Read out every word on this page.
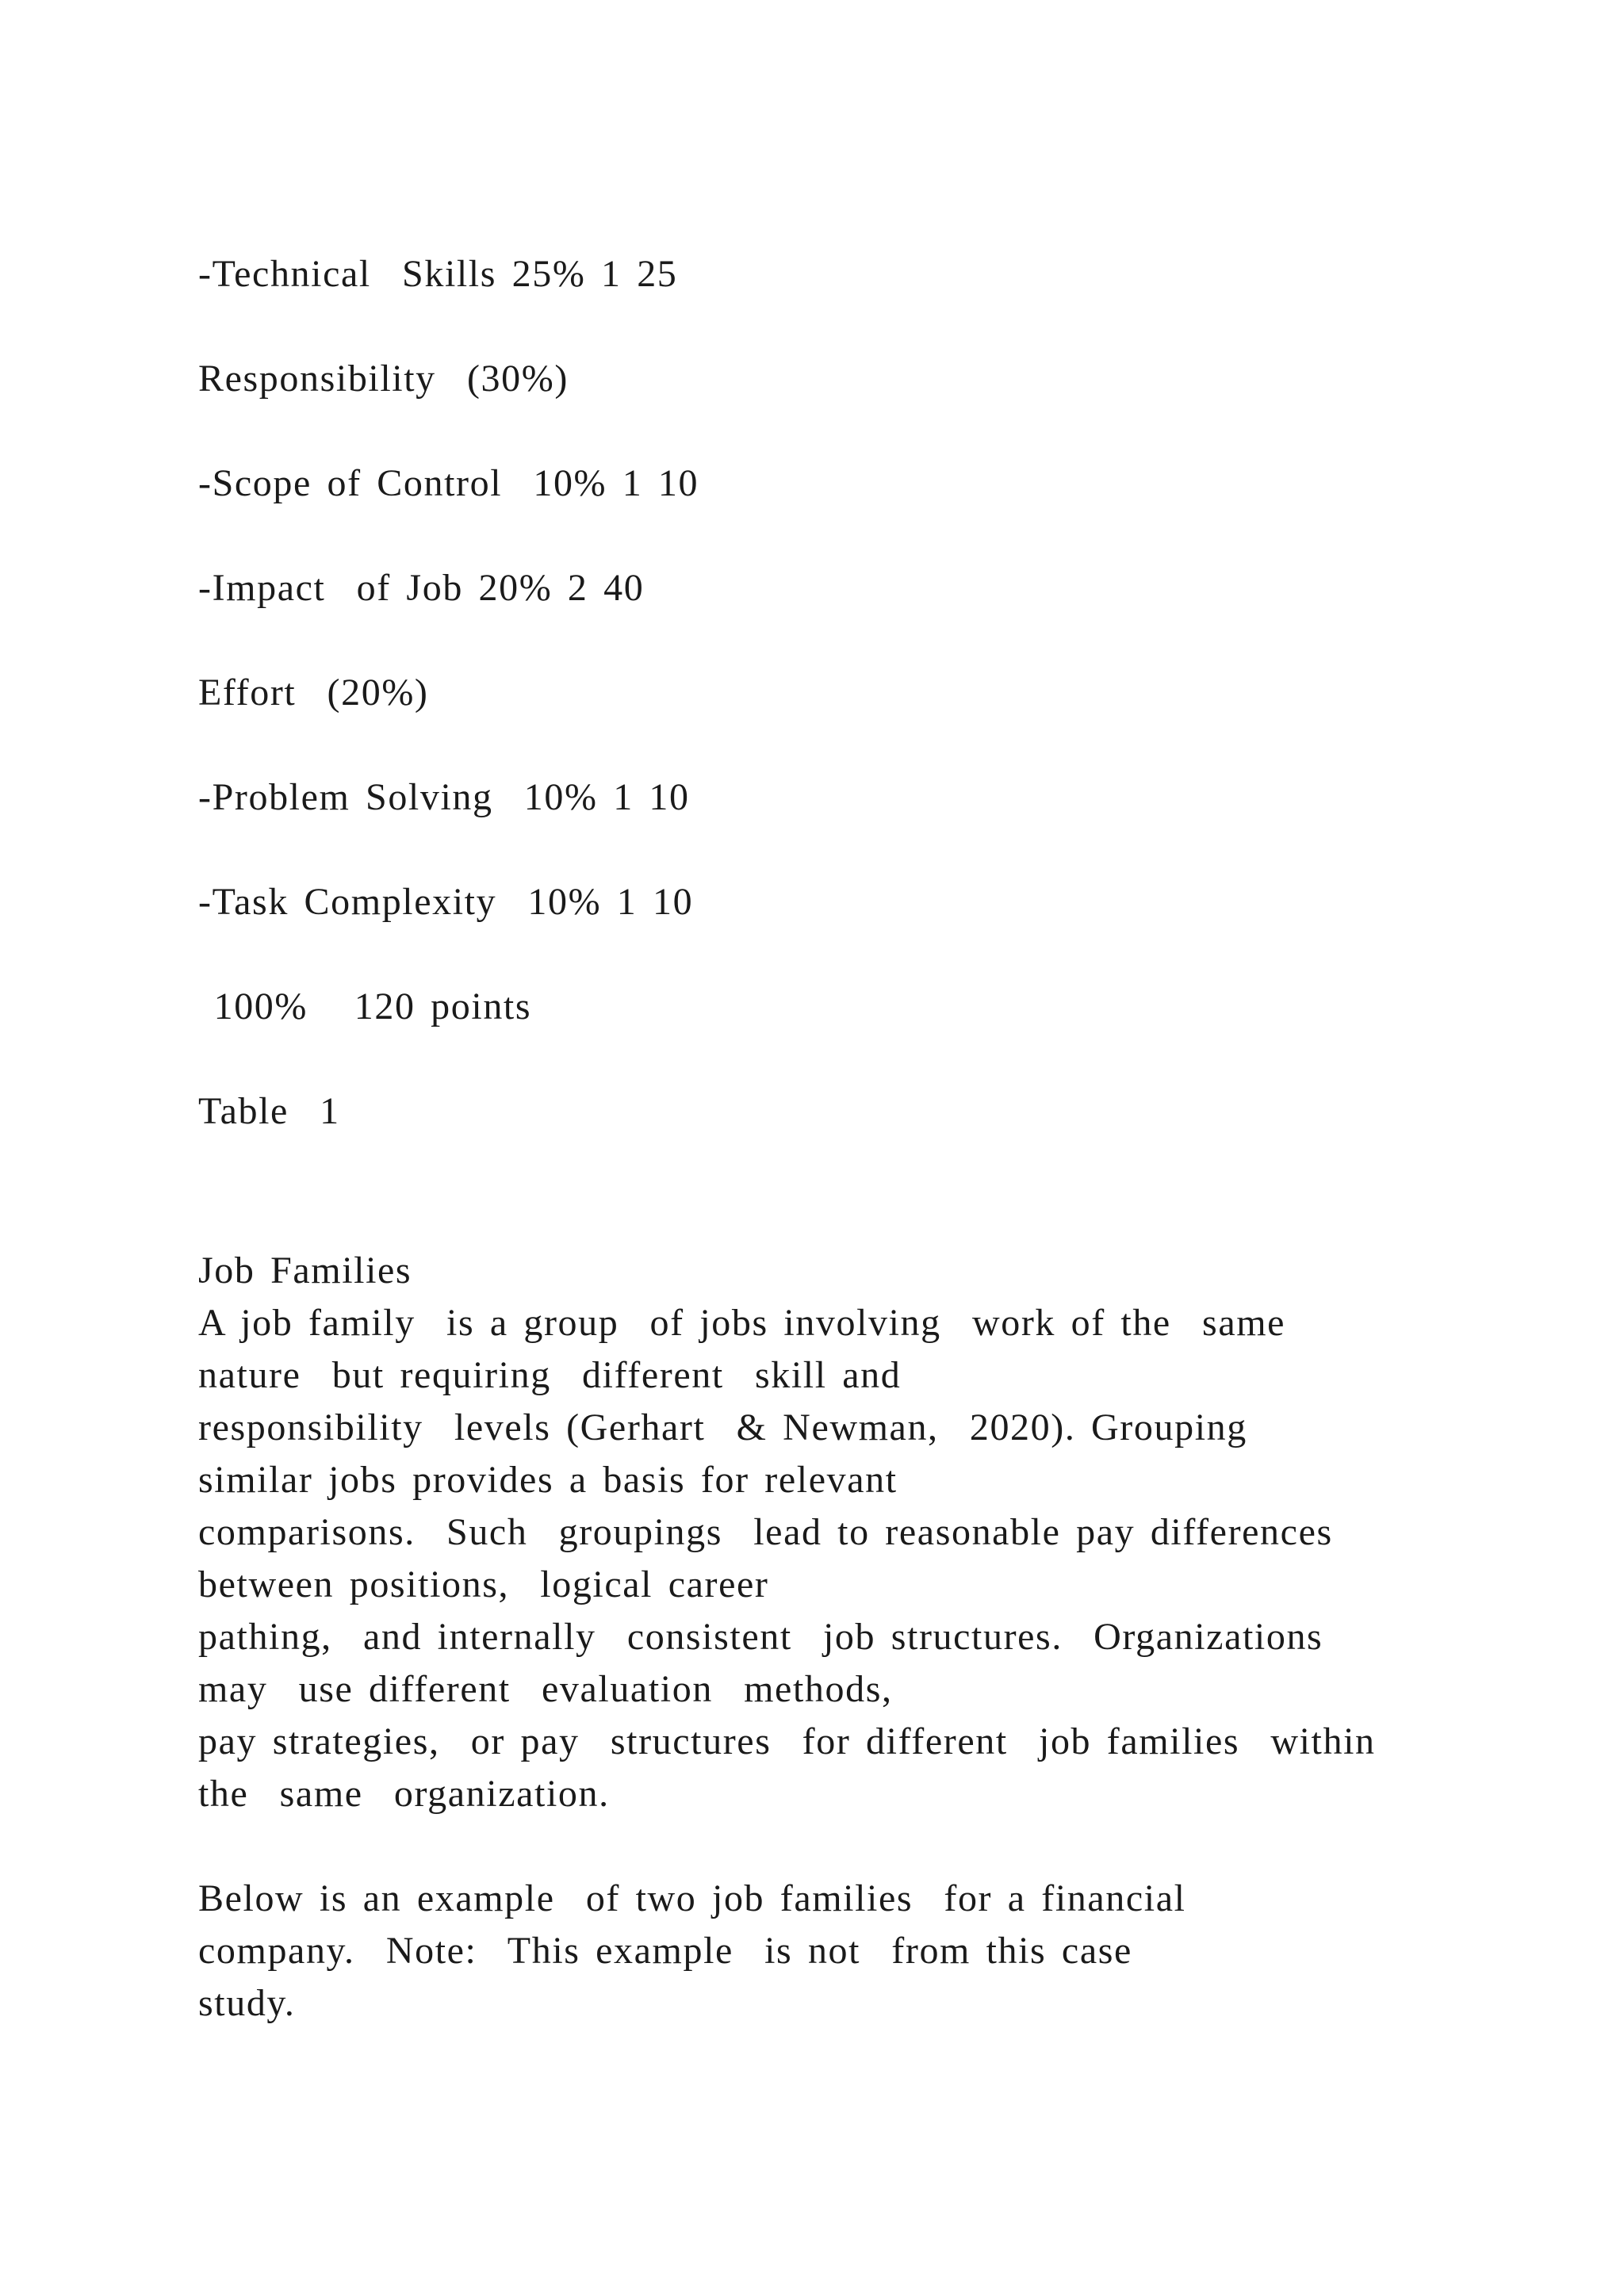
-Technical  Skills 25% 1 25
Responsibility  (30%)
-Scope of Control  10% 1 10
-Impact  of Job 20% 2 40
Effort  (20%)
-Problem Solving  10% 1 10
-Task Complexity  10% 1 10
100%   120 points
Table  1
Job Families
A job family  is a group  of jobs involving  work of the  same
nature  but requiring  different  skill and
responsibility  levels (Gerhart  & Newman,  2020). Grouping
similar jobs provides a basis for relevant
comparisons.  Such  groupings  lead to reasonable pay differences
between positions,  logical career
pathing,  and internally  consistent  job structures.  Organizations
may  use different  evaluation  methods,
pay strategies,  or pay  structures  for different  job families  within
the  same  organization.
Below is an example  of two job families  for a financial
company.  Note:  This example  is not  from this case
study.
